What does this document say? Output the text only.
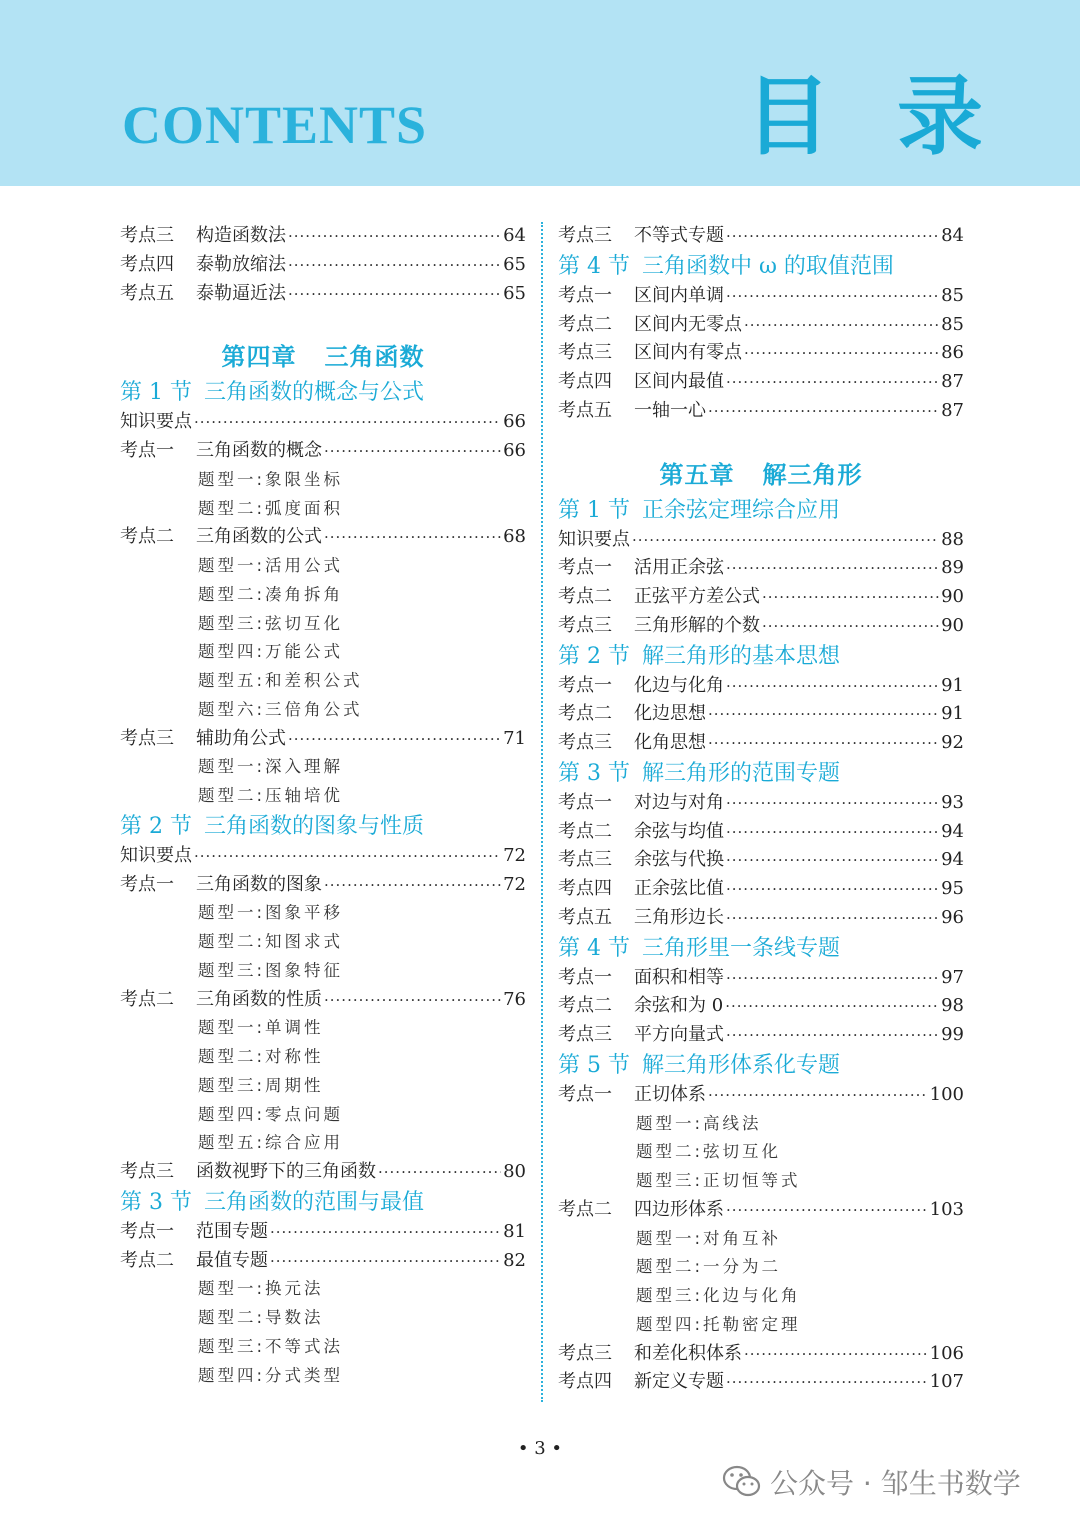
CONTENTS	目 录
考点三	构造函数法 ·····	64
考点四	泰勒放缩法 ·····	65
考点五	泰勒逼近法 ·····	65
第四章 三角函数
第 1 节 三角函数的概念与公式
知识要点 ·····	66
考点一	三角函数的概念 ·····	66
题型一:象限坐标
题型二:弧度面积
考点二	三角函数的公式 ·····	68
题型一:活用公式
题型二:凑角拆角
题型三:弦切互化
题型四:万能公式
题型五:和差积公式
题型六:三倍角公式
考点三	辅助角公式 ·····	71
题型一:深入理解
题型二:压轴培优
第 2 节 三角函数的图象与性质
知识要点 ·····	72
考点一	三角函数的图象 ·····	72
题型一:图象平移
题型二:知图求式
题型三:图象特征
考点二	三角函数的性质 ·····	76
题型一:单调性
题型二:对称性
题型三:周期性
题型四:零点问题
题型五:综合应用
考点三	函数视野下的三角函数 ·····	80
第 3 节 三角函数的范围与最值
考点一	范围专题 ·····	81
考点二	最值专题 ·····	82
题型一:换元法
题型二:导数法
题型三:不等式法
题型四:分式类型
考点三	不等式专题 ·····	84
第 4 节 三角函数中 ω 的取值范围
考点一	区间内单调 ·····	85
考点二	区间内无零点 ·····	85
考点三	区间内有零点 ·····	86
考点四	区间内最值 ·····	87
考点五	一轴一心 ·····	87
第五章 解三角形
第 1 节 正余弦定理综合应用
知识要点 ·····	88
考点一	活用正余弦 ·····	89
考点二	正弦平方差公式 ·····	90
考点三	三角形解的个数 ·····	90
第 2 节 解三角形的基本思想
考点一	化边与化角 ·····	91
考点二	化边思想 ·····	91
考点三	化角思想 ·····	92
第 3 节 解三角形的范围专题
考点一	对边与对角 ·····	93
考点二	余弦与均值 ·····	94
考点三	余弦与代换 ·····	94
考点四	正余弦比值 ·····	95
考点五	三角形边长 ·····	96
第 4 节 三角形里一条线专题
考点一	面积和相等 ·····	97
考点二	余弦和为 0 ·····	98
考点三	平方向量式 ·····	99
第 5 节 解三角形体系化专题
考点一	正切体系 ·····	100
题型一:高线法
题型二:弦切互化
题型三:正切恒等式
考点二	四边形体系 ·····	103
题型一:对角互补
题型二:一分为二
题型三:化边与化角
题型四:托勒密定理
考点三	和差化积体系 ·····	106
考点四	新定义专题 ·····	107
• 3 •
公众号 · 邹生书数学
